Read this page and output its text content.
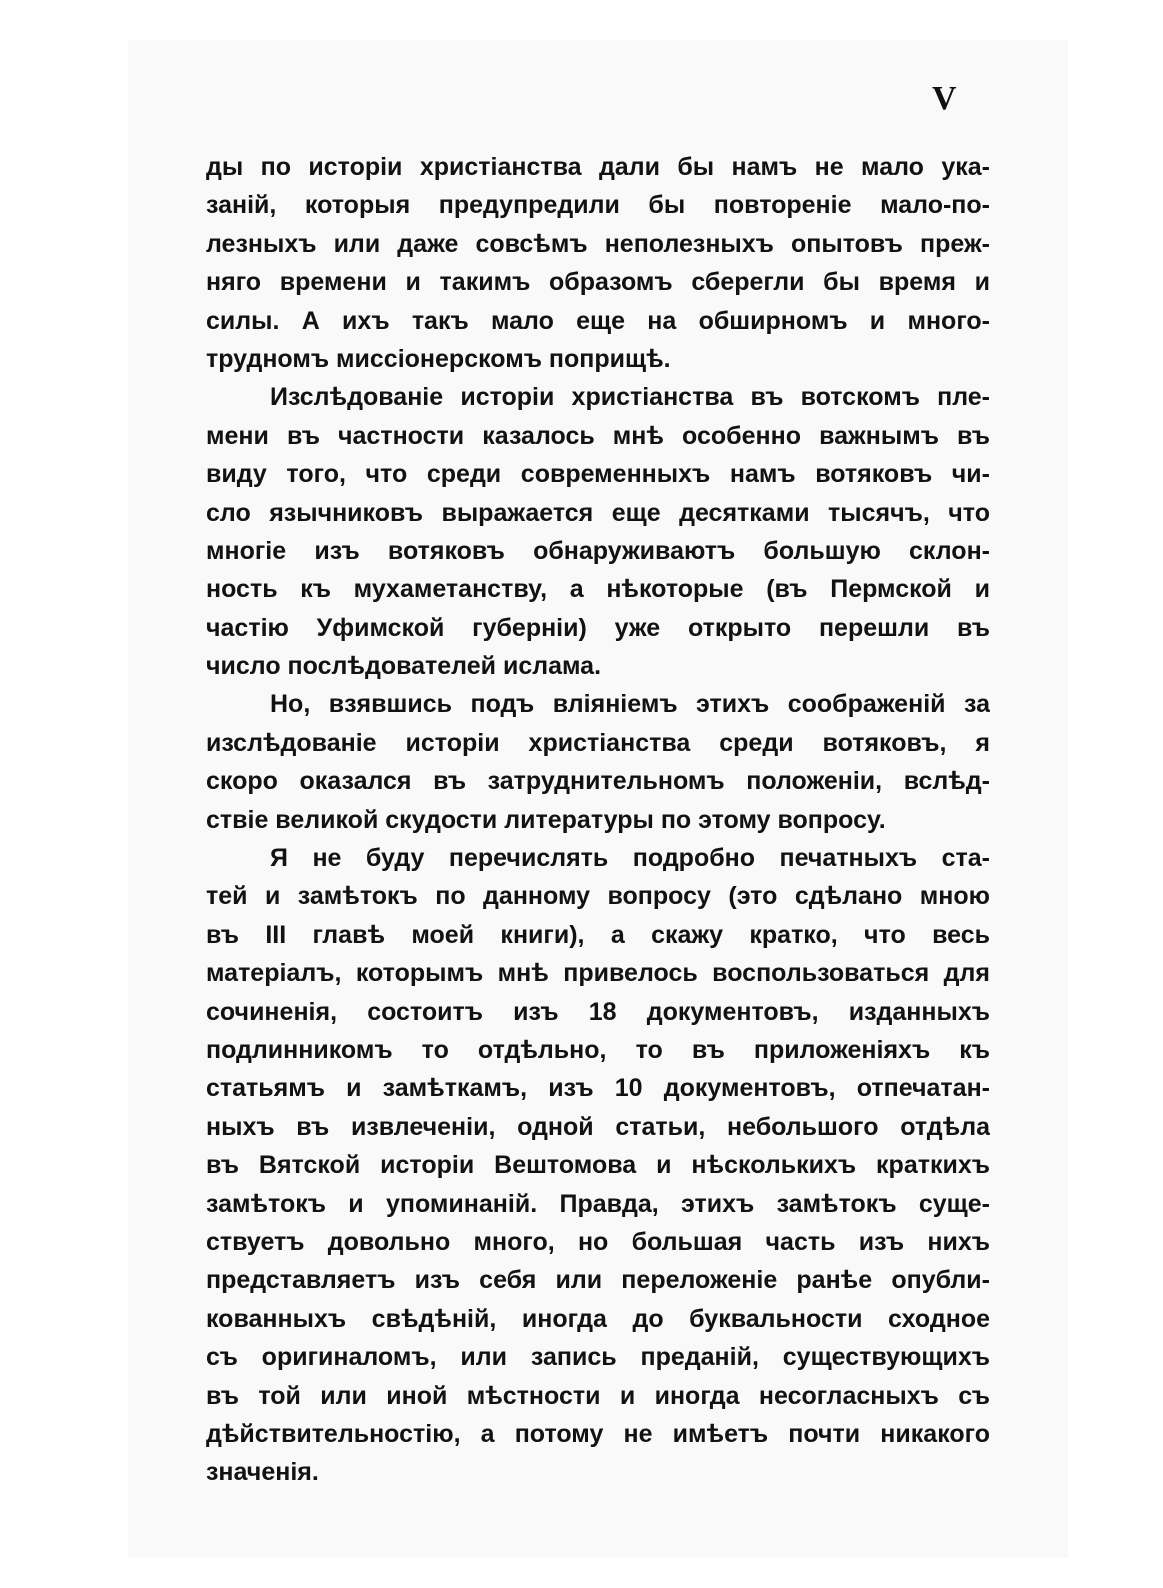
V
ды по исторiи христiанства дали бы намъ не мало ука-
занiй, которыя предупредили бы повторенiе мало-по-
лезныхъ или даже совсѣмъ неполезныхъ опытовъ преж-
няго времени и такимъ образомъ сберегли бы время и
силы. А ихъ такъ мало еще на обширномъ и много-
трудномъ миссiонерскомъ поприщѣ.
Изслѣдованiе исторiи христiанства въ вотскомъ пле-
мени въ частности казалось мнѣ особенно важнымъ въ
виду того, что среди современныхъ намъ вотяковъ чи-
сло язычниковъ выражается еще десятками тысячъ, что
многiе изъ вотяковъ обнаруживаютъ большую склон-
ность къ мухаметанству, а нѣкоторые (въ Пермской и
частiю Уфимской губернiи) уже открыто перешли въ
число послѣдователей ислама.
Но, взявшись подъ влiянiемъ этихъ соображенiй за
изслѣдованiе исторiи христiанства среди вотяковъ, я
скоро оказался въ затруднительномъ положенiи, вслѣд-
ствiе великой скудости литературы по этому вопросу.
Я не буду перечислять подробно печатныхъ ста-
тей и замѣтокъ по данному вопросу (это сдѣлано мною
въ III главѣ моей книги), а скажу кратко, что весь
матерiалъ, которымъ мнѣ привелось воспользоваться для
сочиненiя, состоитъ изъ 18 документовъ, изданныхъ
подлинникомъ то отдѣльно, то въ приложенiяхъ къ
статьямъ и замѣткамъ, изъ 10 документовъ, отпечатан-
ныхъ въ извлеченiи, одной статьи, небольшого отдѣла
въ Вятской исторiи Вештомова и нѣсколькихъ краткихъ
замѣтокъ и упоминанiй. Правда, этихъ замѣтокъ суще-
ствуетъ довольно много, но большая часть изъ нихъ
представляетъ изъ себя или переложенiе ранѣе опубли-
кованныхъ свѣдѣнiй, иногда до буквальности сходное
съ оригиналомъ, или запись преданiй, существующихъ
въ той или иной мѣстности и иногда несогласныхъ съ
дѣйствительностiю, а потому не имѣетъ почти никакого
значенiя.
